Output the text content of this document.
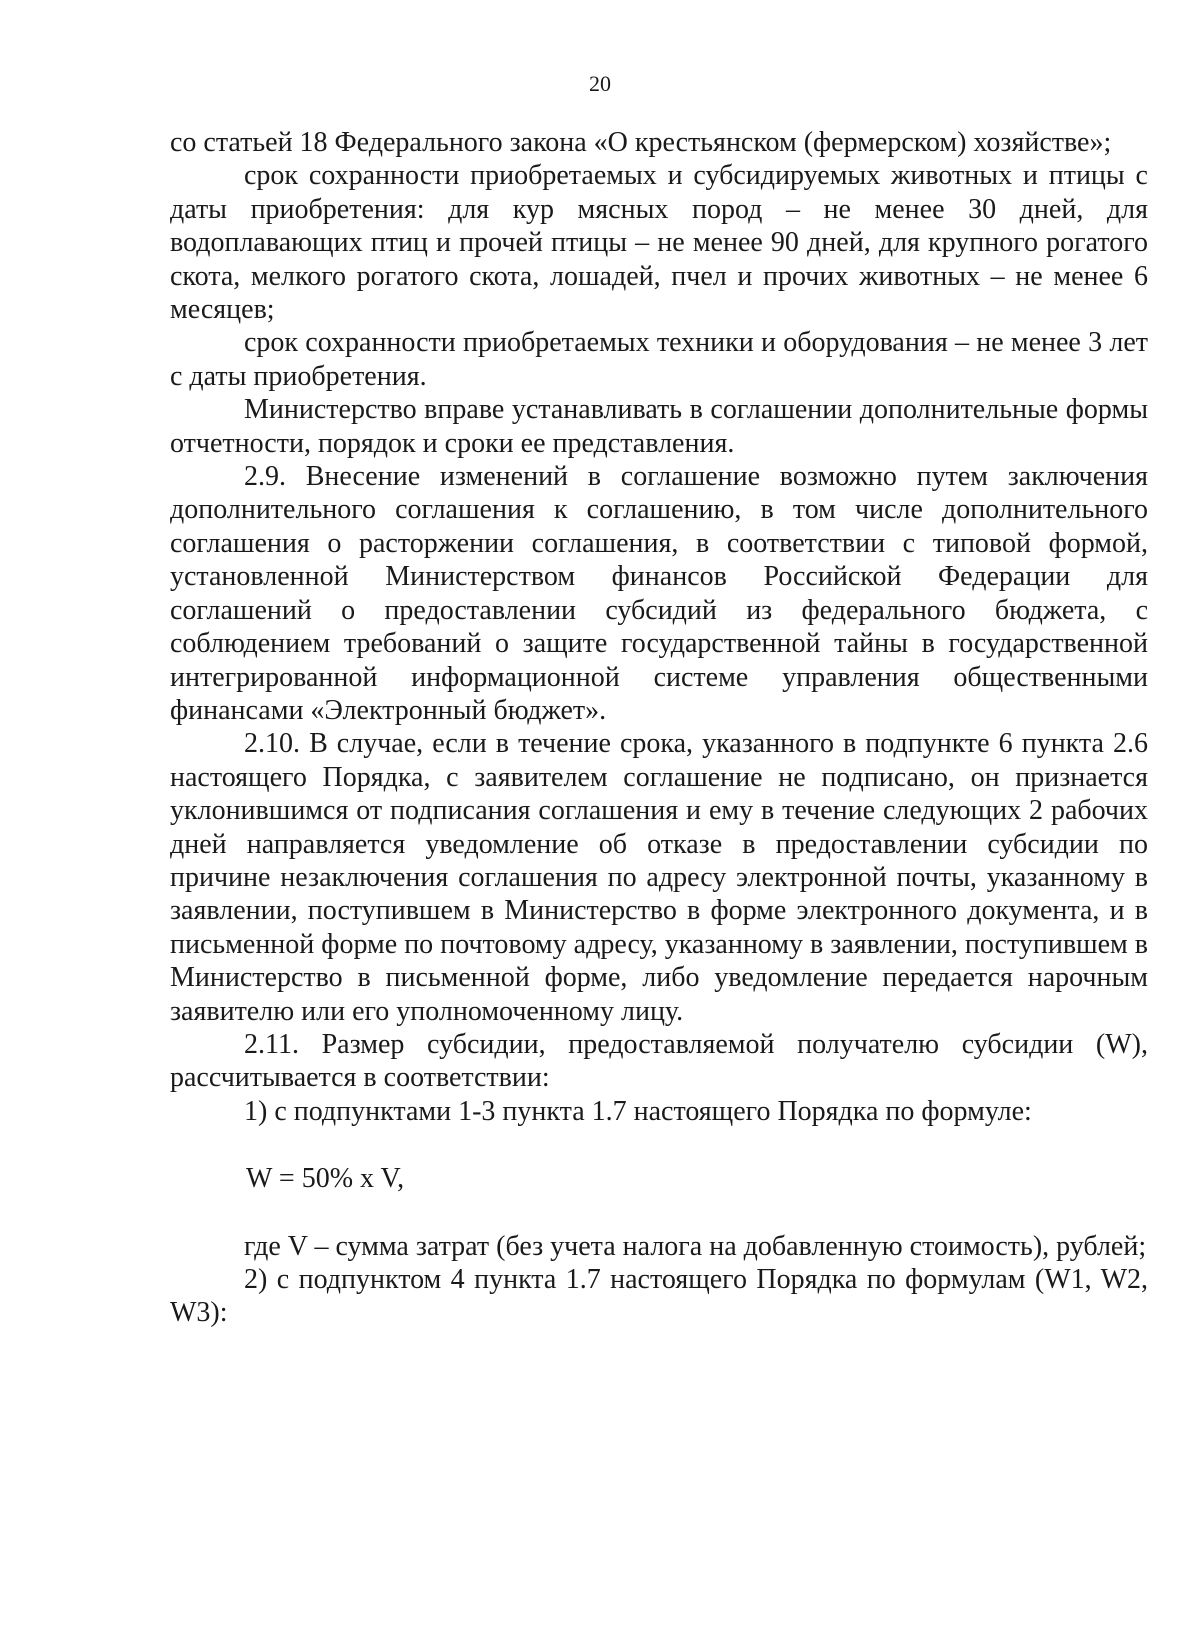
20

со статьей 18 Федерального закона «О крестьянском (фермерском) хозяйстве»;

срок сохранности приобретаемых и субсидируемых животных и птицы с даты приобретения: для кур мясных пород – не менее 30 дней, для водоплавающих птиц и прочей птицы – не менее 90 дней, для крупного рогатого скота, мелкого рогатого скота, лошадей, пчел и прочих животных – не менее 6 месяцев;

срок сохранности приобретаемых техники и оборудования – не менее 3 лет с даты приобретения.

Министерство вправе устанавливать в соглашении дополнительные формы отчетности, порядок и сроки ее представления.

2.9. Внесение изменений в соглашение возможно путем заключения дополнительного соглашения к соглашению, в том числе дополнительного соглашения о расторжении соглашения, в соответствии с типовой формой, установленной Министерством финансов Российской Федерации для соглашений о предоставлении субсидий из федерального бюджета, с соблюдением требований о защите государственной тайны в государственной интегрированной информационной системе управления общественными финансами «Электронный бюджет».

2.10. В случае, если в течение срока, указанного в подпункте 6 пункта 2.6 настоящего Порядка, с заявителем соглашение не подписано, он признается уклонившимся от подписания соглашения и ему в течение следующих 2 рабочих дней направляется уведомление об отказе в предоставлении субсидии по причине незаключения соглашения по адресу электронной почты, указанному в заявлении, поступившем в Министерство в форме электронного документа, и в письменной форме по почтовому адресу, указанному в заявлении, поступившем в Министерство в письменной форме, либо уведомление передается нарочным заявителю или его уполномоченному лицу.

2.11. Размер субсидии, предоставляемой получателю субсидии (W), рассчитывается в соответствии:

1) с подпунктами 1-3 пункта 1.7 настоящего Порядка по формуле:

W = 50% x V,

где V – сумма затрат (без учета налога на добавленную стоимость), рублей;

2) с подпунктом 4 пункта 1.7 настоящего Порядка по формулам (W1, W2, W3):
